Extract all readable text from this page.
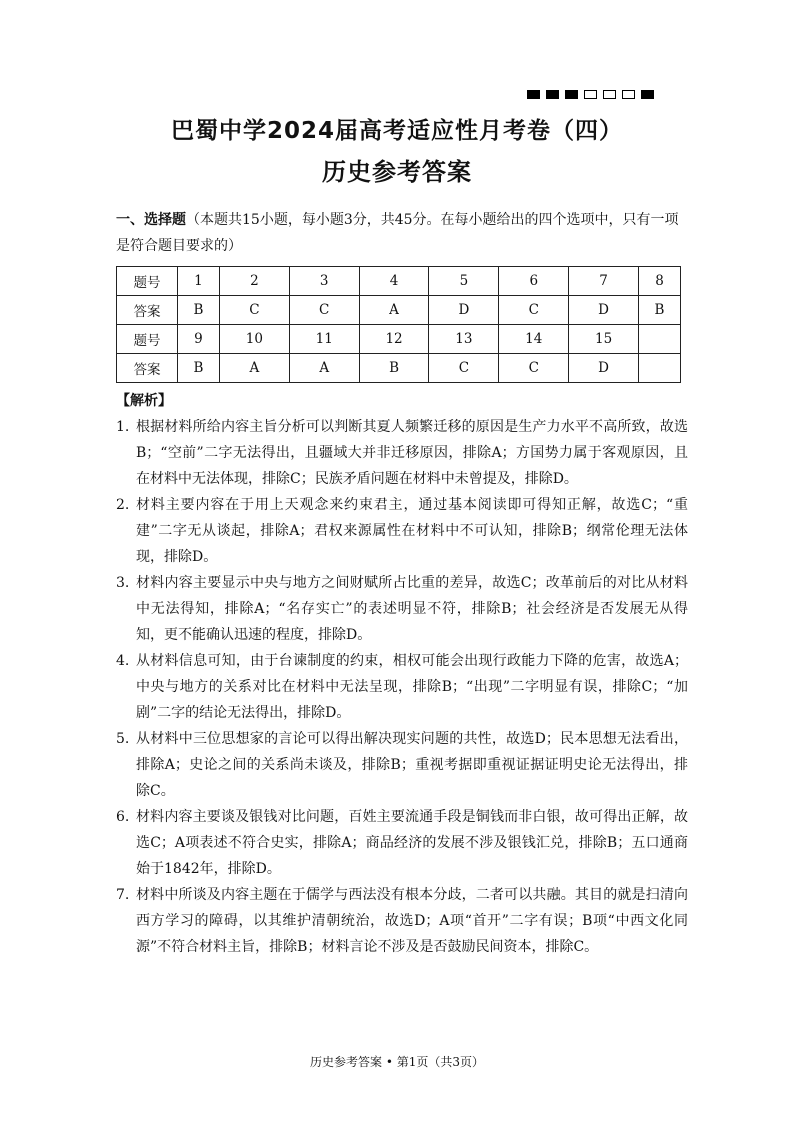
巴蜀中学2024届高考适应性月考卷（四）
历史参考答案
一、选择题（本题共15小题，每小题3分，共45分。在每小题给出的四个选项中，只有一项是符合题目要求的）
题号	1	2	3	4	5	6	7	8
答案	B	C	C	A	D	C	D	B
题号	9	10	11	12	13	14	15	
答案	B	A	A	B	C	C	D	
【解析】
1. 根据材料所给内容主旨分析可以判断其夏人频繁迁移的原因是生产力水平不高所致，故选B；“空前”二字无法得出，且疆域大并非迁移原因，排除A；方国势力属于客观原因，且在材料中无法体现，排除C；民族矛盾问题在材料中未曾提及，排除D。
2. 材料主要内容在于用上天观念来约束君主，通过基本阅读即可得知正解，故选C；“重建”二字无从谈起，排除A；君权来源属性在材料中不可认知，排除B；纲常伦理无法体现，排除D。
3. 材料内容主要显示中央与地方之间财赋所占比重的差异，故选C；改革前后的对比从材料中无法得知，排除A；“名存实亡”的表述明显不符，排除B；社会经济是否发展无从得知，更不能确认迅速的程度，排除D。
4. 从材料信息可知，由于台谏制度的约束，相权可能会出现行政能力下降的危害，故选A；中央与地方的关系对比在材料中无法呈现，排除B；“出现”二字明显有误，排除C；“加剧”二字的结论无法得出，排除D。
5. 从材料中三位思想家的言论可以得出解决现实问题的共性，故选D；民本思想无法看出，排除A；史论之间的关系尚未谈及，排除B；重视考据即重视证据证明史论无法得出，排除C。
6. 材料内容主要谈及银钱对比问题，百姓主要流通手段是铜钱而非白银，故可得出正解，故选C；A项表述不符合史实，排除A；商品经济的发展不涉及银钱汇兑，排除B；五口通商始于1842年，排除D。
7. 材料中所谈及内容主题在于儒学与西法没有根本分歧，二者可以共融。其目的就是扫清向西方学习的障碍，以其维护清朝统治，故选D；A项“首开”二字有误；B项“中西文化同源”不符合材料主旨，排除B；材料言论不涉及是否鼓励民间资本，排除C。
历史参考答案 • 第1页（共3页）
